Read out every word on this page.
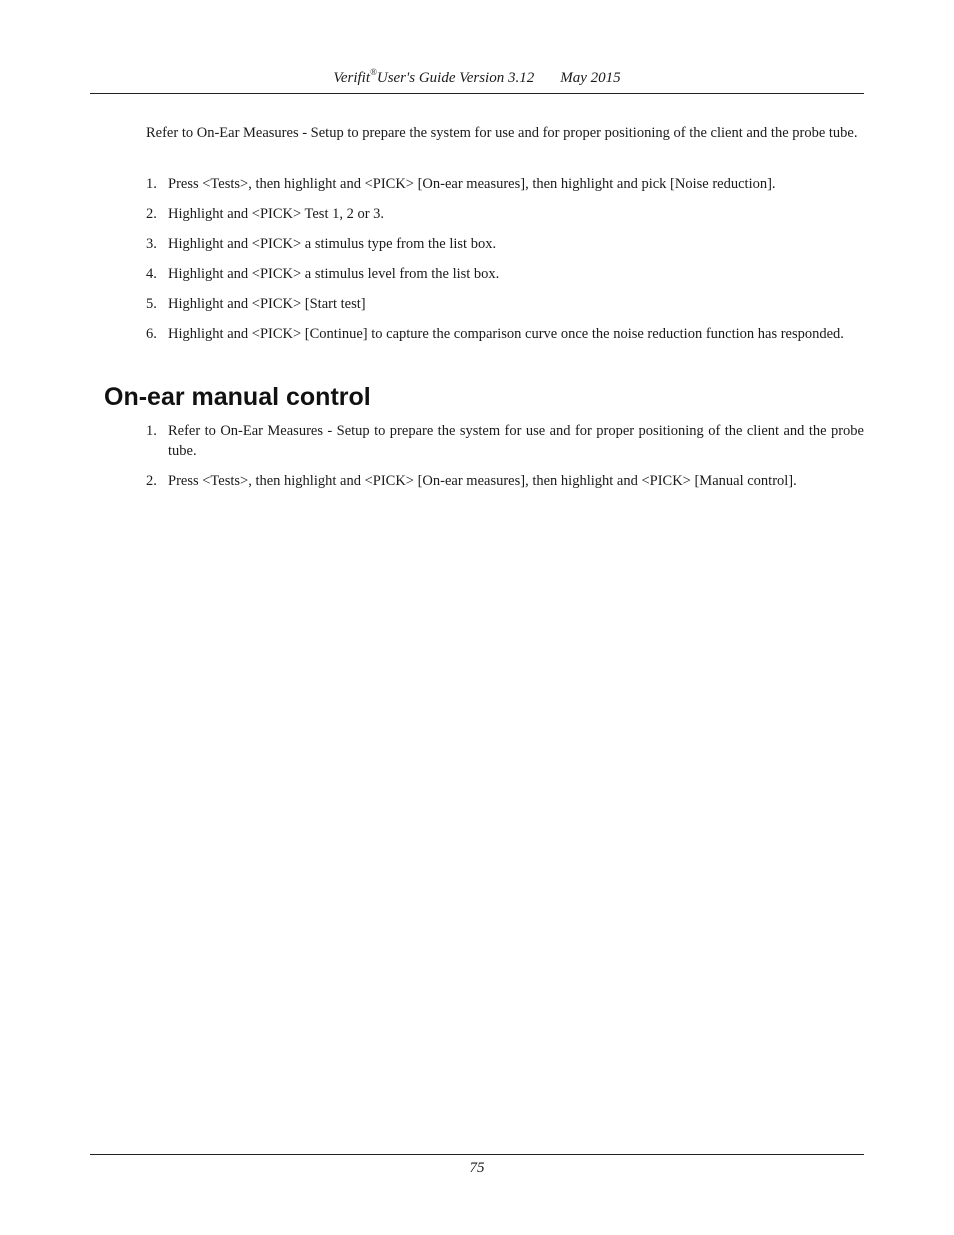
Verifit®User's Guide Version 3.12 May 2015

Refer to On-Ear Measures - Setup to prepare the system for use and for proper positioning of the client and the probe tube.

1. Press <Tests>, then highlight and <PICK> [On-ear measures], then highlight and pick [Noise reduction].
2. Highlight and <PICK> Test 1, 2 or 3.
3. Highlight and <PICK> a stimulus type from the list box.
4. Highlight and <PICK> a stimulus level from the list box.
5. Highlight and <PICK> [Start test]
6. Highlight and <PICK> [Continue] to capture the comparison curve once the noise reduction function has responded.
On-ear manual control
1. Refer to On-Ear Measures - Setup to prepare the system for use and for proper positioning of the client and the probe tube.
2. Press <Tests>, then highlight and <PICK> [On-ear measures], then highlight and <PICK> [Manual control].
75
